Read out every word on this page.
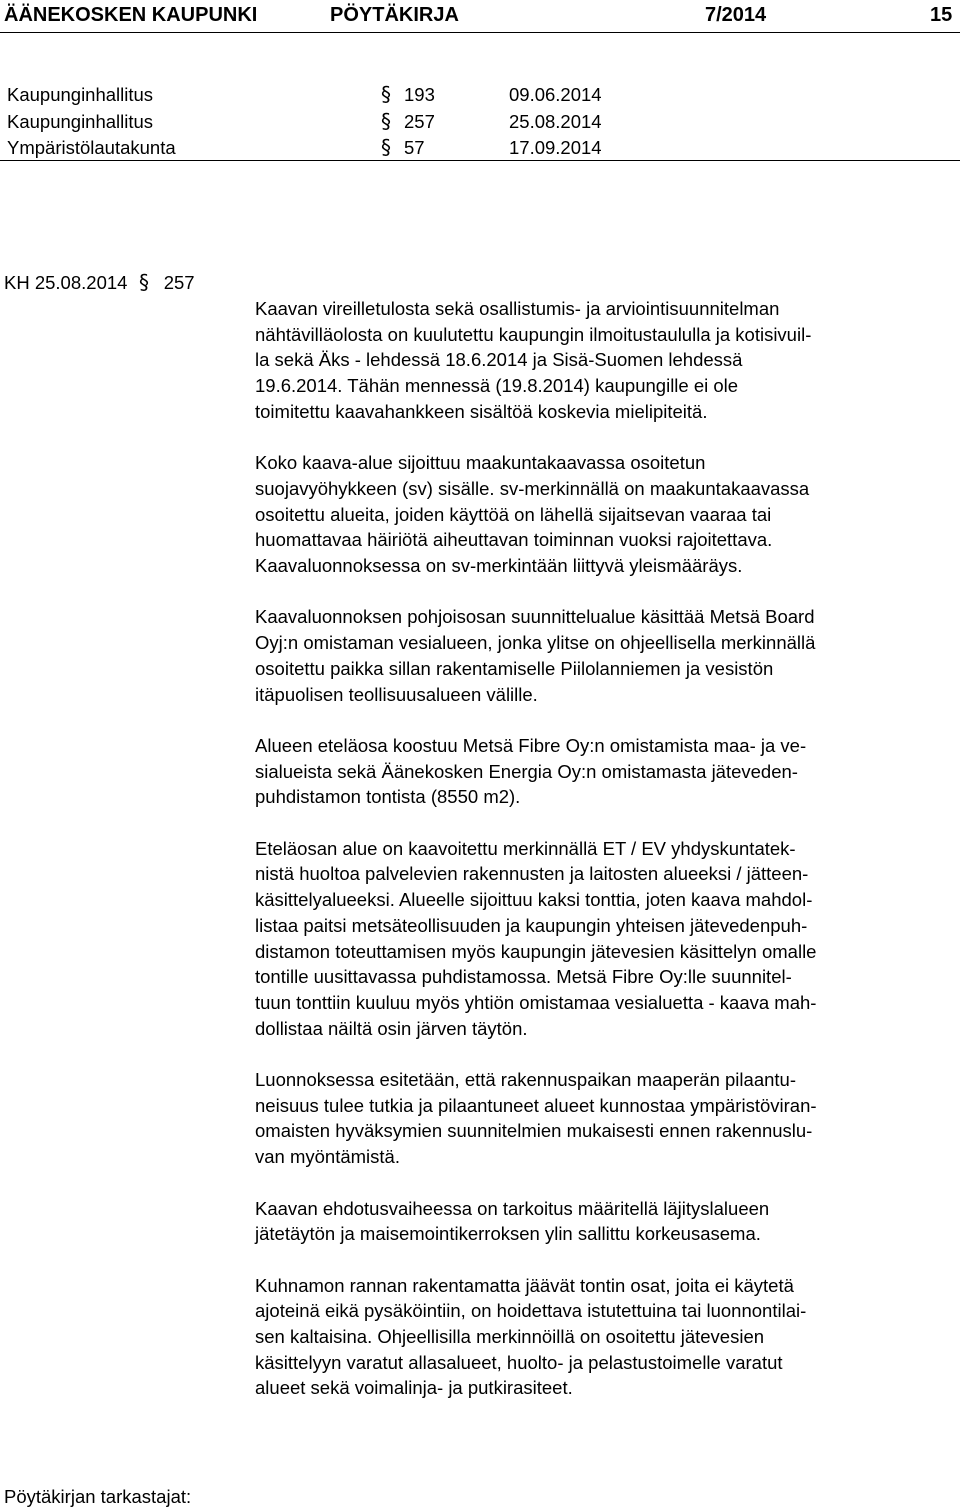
ÄÄNEKOSKEN KAUPUNKI	PÖYTÄKIRJA	7/2014	15
Kaupunginhallitus	§ 193	09.06.2014
Kaupunginhallitus	§ 257	25.08.2014
Ympäristölautakunta	§ 57	17.09.2014
KH 25.08.2014 § 257

Kaavan vireilletulosta sekä osallistumis- ja arviointisuunnitelman
nähtävilläolosta on kuulutettu kaupungin ilmoitustaululla ja kotisivuil-
la sekä Äks - lehdessä 18.6.2014 ja Sisä-Suomen lehdessä
19.6.2014. Tähän mennessä (19.8.2014) kaupungille ei ole
toimitettu kaavahankkeen sisältöä koskevia mielipiteitä.

Koko kaava-alue sijoittuu maakuntakaavassa osoitetun
suojavyöhykkeen (sv) sisälle. sv-merkinnällä on maakuntakaavassa
osoitettu alueita, joiden käyttöä on lähellä sijaitsevan vaaraa tai
huomattavaa häiriötä aiheuttavan toiminnan vuoksi rajoitettava.
Kaavaluonnoksessa on sv-merkintään liittyvä yleismääräys.

Kaavaluonnoksen pohjoisosan suunnittelualue käsittää Metsä Board
Oyj:n omistaman vesialueen, jonka ylitse on ohjeellisella merkinnällä
osoitettu paikka sillan rakentamiselle Piilolanniemen ja vesistön
itäpuolisen teollisuusalueen välille.

Alueen eteläosa koostuu Metsä Fibre Oy:n omistamista maa- ja ve-
sialueista sekä Äänekosken Energia Oy:n omistamasta jäteveden-
puhdistamon tontista (8550 m2).

Eteläosan alue on kaavoitettu merkinnällä ET / EV yhdyskuntatek-
nistä huoltoa palvelevien rakennusten ja laitosten alueeksi / jätteen-
käsittelyalueeksi. Alueelle sijoittuu kaksi tonttia, joten kaava mahdol-
listaa paitsi metsäteollisuuden ja kaupungin yhteisen jätevedenpuh-
distamon toteuttamisen myös kaupungin jätevesien käsittelyn omalle
tontille uusittavassa puhdistamossa. Metsä Fibre Oy:lle suunnitel-
tuun tonttiin kuuluu myös yhtiön omistamaa vesialuetta - kaava mah-
dollistaa näiltä osin järven täytön.

Luonnoksessa esitetään, että rakennuspaikan maaperän pilaantu-
neisuus tulee tutkia ja pilaantuneet alueet kunnostaa ympäristöviran-
omaisten hyväksymien suunnitelmien mukaisesti ennen rakennuslu-
van myöntämistä.

Kaavan ehdotusvaiheessa on tarkoitus määritellä läjityslalueen
jätetäytön ja maisemointikerroksen ylin sallittu korkeusasema.

Kuhnamon rannan rakentamatta jäävät tontin osat, joita ei käytetä
ajoteinä eikä pysäköintiin, on hoidettava istutettuina tai luonnontilai-
sen kaltaisina. Ohjeellisilla merkinnöillä on osoitettu jätevesien
käsittelyyn varatut allasalueet, huolto- ja pelastustoimelle varatut
alueet sekä voimalinja- ja putkirasiteet.

Pöytäkirjan tarkastajat:
